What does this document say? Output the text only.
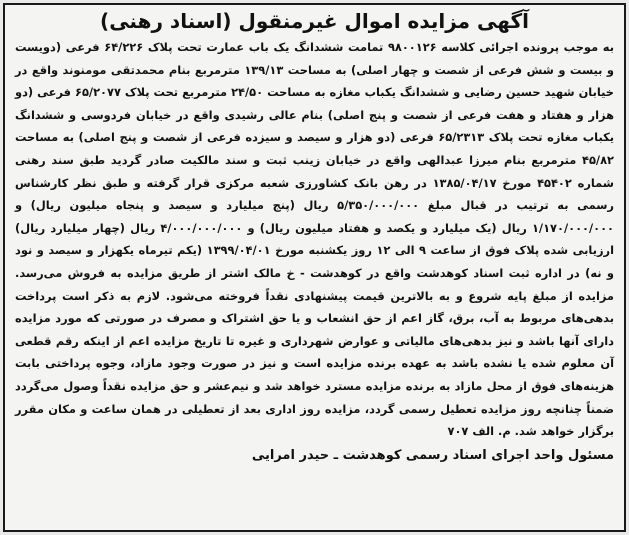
آگهی مزایده اموال غیرمنقول (اسناد رهنی)

به موجب پرونده اجرائی کلاسه ۹۸۰۰۱۲۶ تمامت ششدانگ یک باب عمارت تحت پلاک ۶۴/۲۲۶ فرعی (دویست و بیست و شش فرعی از شصت و چهار اصلی) به مساحت ۱۳۹/۱۳ مترمربع بنام محمدتقی مومنوند واقع در خیابان شهید حسین رضایی و ششدانگ یکباب مغازه به مساحت ۲۴/۵۰ مترمربع تحت پلاک ۶۵/۲۰۷۷ فرعی (دو هزار و هفتاد و هفت فرعی از شصت و پنج اصلی) بنام عالی رشیدی واقع در خیابان فردوسی و ششدانگ یکباب مغازه تحت پلاک ۶۵/۲۳۱۳ فرعی (دو هزار و سیصد و سیزده فرعی از شصت و پنج اصلی) به مساحت ۴۵/۸۲ مترمربع بنام میرزا عبدالهی واقع در خیابان زینب ثبت و سند مالکیت صادر گردید طبق سند رهنی شماره ۴۵۴۰۲ مورخ ۱۳۸۵/۰۴/۱۷ در رهن بانک کشاورزی شعبه مرکزی قرار گرفته و طبق نظر کارشناس رسمی به ترتیب در قبال مبلغ ۵/۳۵۰/۰۰۰/۰۰۰ ریال (پنج میلیارد و سیصد و پنجاه میلیون ریال) و ۱/۱۷۰/۰۰۰/۰۰۰ ریال (یک میلیارد و یکصد و هفتاد میلیون ریال) و ۴/۰۰۰/۰۰۰/۰۰۰ ریال (چهار میلیارد ریال) ارزیابی شده پلاک فوق از ساعت ۹ الی ۱۲ روز یکشنبه مورخ ۱۳۹۹/۰۴/۰۱ (یکم تیرماه یکهزار و سیصد و نود و نه) در اداره ثبت اسناد کوهدشت واقع در کوهدشت - خ مالک اشتر از طریق مزایده به فروش می‌رسد. مزایده از مبلغ پایه شروع و به بالاترین قیمت پیشنهادی نقداً فروخته می‌شود. لازم به ذکر است پرداخت بدهی‌های مربوط به آب، برق، گاز اعم از حق انشعاب و یا حق اشتراک و مصرف در صورتی که مورد مزایده دارای آنها باشد و نیز بدهی‌های مالیاتی و عوارض شهرداری و غیره تا تاریخ مزایده اعم از اینکه رقم قطعی آن معلوم شده یا نشده باشد به عهده برنده مزایده است و نیز در صورت وجود مازاد، وجوه پرداختی بابت هزینه‌های فوق از محل مازاد به برنده مزایده مسترد خواهد شد و نیم‌عشر و حق مزایده نقداً وصول می‌گردد ضمناً چنانچه روز مزایده تعطیل رسمی گردد، مزایده روز اداری بعد از تعطیلی در همان ساعت و مکان مقرر برگزار خواهد شد. م. الف ۷۰۷

مسئول واحد اجرای اسناد رسمی کوهدشت ـ حیدر امرایی
